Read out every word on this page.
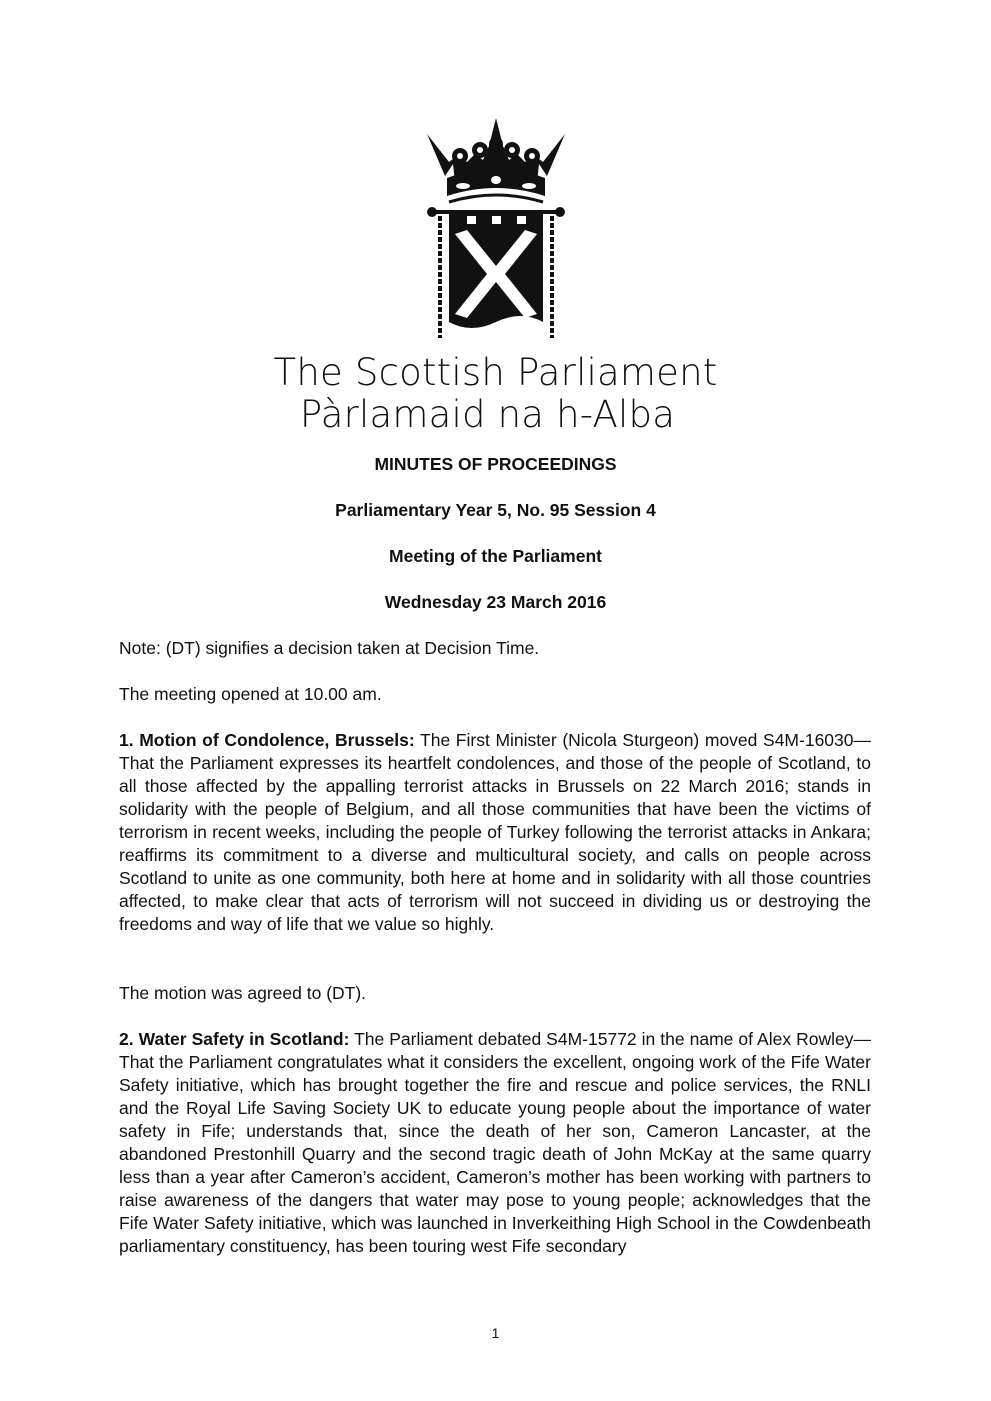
The Scottish Parliament
Pàrlamaid na h-Alba
MINUTES OF PROCEEDINGS
Parliamentary Year 5, No. 95 Session 4
Meeting of the Parliament
Wednesday 23 March 2016

Note: (DT) signifies a decision taken at Decision Time.

The meeting opened at 10.00 am.

1. Motion of Condolence, Brussels: The First Minister (Nicola Sturgeon) moved S4M-16030—That the Parliament expresses its heartfelt condolences, and those of the people of Scotland, to all those affected by the appalling terrorist attacks in Brussels on 22 March 2016; stands in solidarity with the people of Belgium, and all those communities that have been the victims of terrorism in recent weeks, including the people of Turkey following the terrorist attacks in Ankara; reaffirms its commitment to a diverse and multicultural society, and calls on people across Scotland to unite as one community, both here at home and in solidarity with all those countries affected, to make clear that acts of terrorism will not succeed in dividing us or destroying the freedoms and way of life that we value so highly.

The motion was agreed to (DT).

2. Water Safety in Scotland: The Parliament debated S4M-15772 in the name of Alex Rowley—That the Parliament congratulates what it considers the excellent, ongoing work of the Fife Water Safety initiative, which has brought together the fire and rescue and police services, the RNLI and the Royal Life Saving Society UK to educate young people about the importance of water safety in Fife; understands that, since the death of her son, Cameron Lancaster, at the abandoned Prestonhill Quarry and the second tragic death of John McKay at the same quarry less than a year after Cameron’s accident, Cameron’s mother has been working with partners to raise awareness of the dangers that water may pose to young people; acknowledges that the Fife Water Safety initiative, which was launched in Inverkeithing High School in the Cowdenbeath parliamentary constituency, has been touring west Fife secondary

1
